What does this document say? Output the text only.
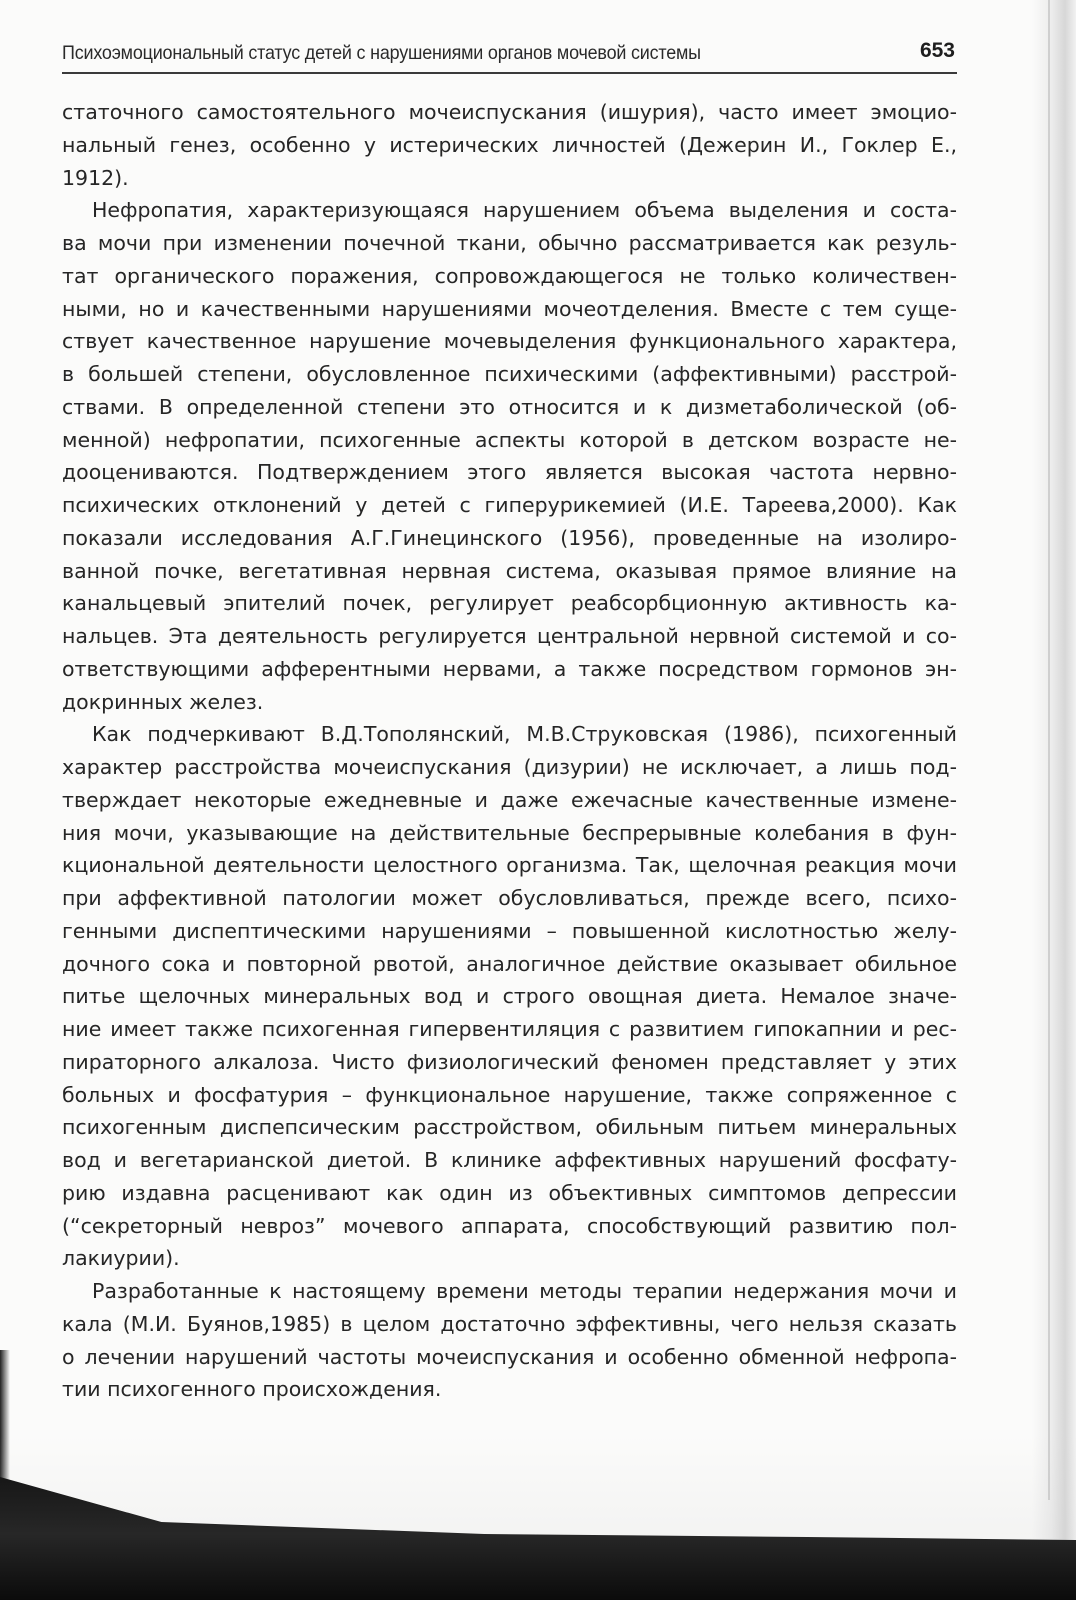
Психоэмоциональный статус детей с нарушениями органов мочевой системы	653
статочного самостоятельного мочеиспускания (ишурия), часто имеет эмоцио-
нальный генез, особенно у истерических личностей (Дежерин И., Гоклер Е.,
1912).
Нефропатия, характеризующаяся нарушением объема выделения и соста-
ва мочи при изменении почечной ткани, обычно рассматривается как резуль-
тат органического поражения, сопровождающегося не только количествен-
ными, но и качественными нарушениями мочеотделения. Вместе с тем суще-
ствует качественное нарушение мочевыделения функционального характера,
в большей степени, обусловленное психическими (аффективными) расстрой-
ствами. В определенной степени это относится и к дизметаболической (об-
менной) нефропатии, психогенные аспекты которой в детском возрасте не-
дооцениваются. Подтверждением этого является высокая частота нервно-
психических отклонений у детей с гиперурикемией (И.Е. Тареева,2000). Как
показали исследования А.Г.Гинецинского (1956), проведенные на изолиро-
ванной почке, вегетативная нервная система, оказывая прямое влияние на
канальцевый эпителий почек, регулирует реабсорбционную активность ка-
нальцев. Эта деятельность регулируется центральной нервной системой и со-
ответствующими афферентными нервами, а также посредством гормонов эн-
докринных желез.
Как подчеркивают В.Д.Тополянский, М.В.Струковская (1986), психогенный
характер расстройства мочеиспускания (дизурии) не исключает, а лишь под-
тверждает некоторые ежедневные и даже ежечасные качественные измене-
ния мочи, указывающие на действительные беспрерывные колебания в фун-
кциональной деятельности целостного организма. Так, щелочная реакция мочи
при аффективной патологии может обусловливаться, прежде всего, психо-
генными диспептическими нарушениями – повышенной кислотностью желу-
дочного сока и повторной рвотой, аналогичное действие оказывает обильное
питье щелочных минеральных вод и строго овощная диета. Немалое значе-
ние имеет также психогенная гипервентиляция с развитием гипокапнии и рес-
пираторного алкалоза. Чисто физиологический феномен представляет у этих
больных и фосфатурия – функциональное нарушение, также сопряженное с
психогенным диспепсическим расстройством, обильным питьем минеральных
вод и вегетарианской диетой. В клинике аффективных нарушений фосфату-
рию издавна расценивают как один из объективных симптомов депрессии
(“секреторный невроз” мочевого аппарата, способствующий развитию пол-
лакиурии).
Разработанные к настоящему времени методы терапии недержания мочи и
кала (М.И. Буянов,1985) в целом достаточно эффективны, чего нельзя сказать
о лечении нарушений частоты мочеиспускания и особенно обменной нефропа-
тии психогенного происхождения.
